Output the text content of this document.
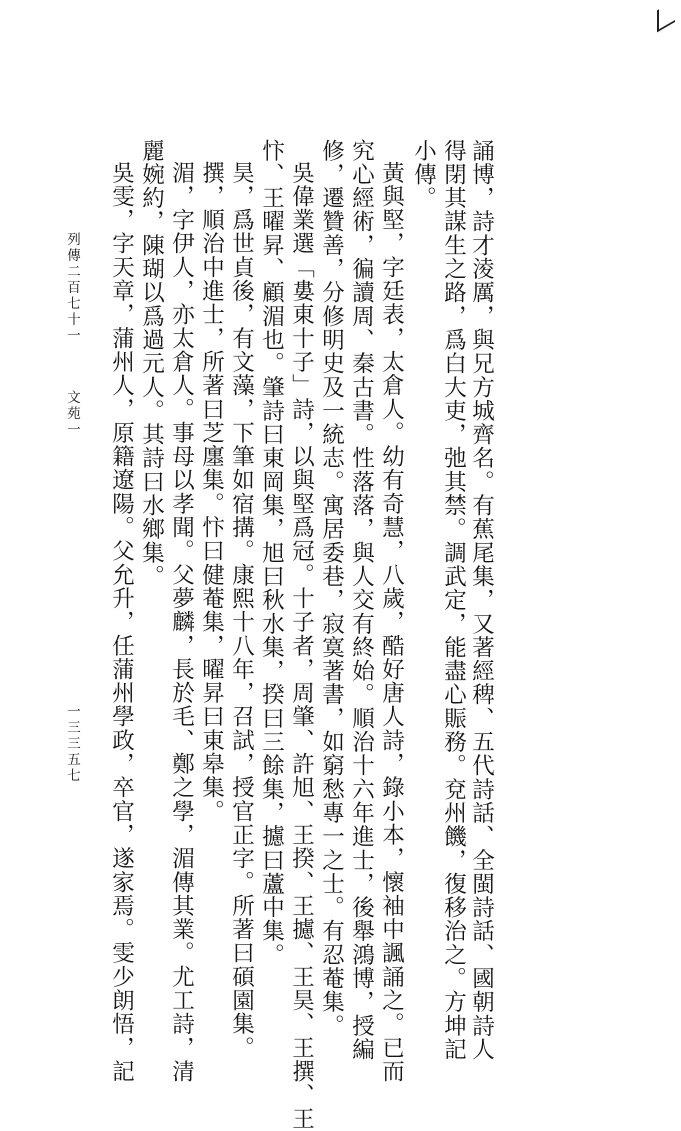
得閉其謀生之路，爲白大吏，弛其禁。調武定，能盡心賑務。兗州饑，復移治之。方坤記 誦博，詩才淩厲，與兄方城齊名。有蕉尾集，又著經稗、五代詩話、全閩詩話、國朝詩人
小傳。
黃與堅，字廷表，太倉人。幼有奇慧，八歲，酷好唐人詩，錄小本，懷袖中諷誦之。已而
究心經術，徧讀周、秦古書。性落落，與人交有終始。順治十六年進士，後舉鴻博，授編
修，遷贊善，分修明史及一統志。寓居委巷，寂寞著書，如窮愁專一之士。有忍菴集。
吳偉業選「婁東十子」詩，以與堅爲冠。十子者，周肇、許旭、王揆、王攄、王昊、王撰、王
忭、王曜昇、顧湄也。肇詩曰東岡集，旭曰秋水集，揆曰三餘集，攄曰蘆中集。
昊，爲世貞後，有文藻，下筆如宿搆。康熙十八年，召試，授官正字。所著曰碩園集。
撰，順治中進士，所著曰芝廛集。忭曰健菴集，曜昇曰東皋集。
湄，字伊人，亦太倉人。事母以孝聞。父夢麟，長於毛、鄭之學，湄傳其業。尤工詩，清
麗婉約，陳瑚以爲過元人。其詩曰水鄉集。
吳雯，字天章，蒲州人，原籍遼陽。父允升，任蒲州學政，卒官，遂家焉。雯少朗悟，記
列傳二百七十一
文苑一
一三三五七
